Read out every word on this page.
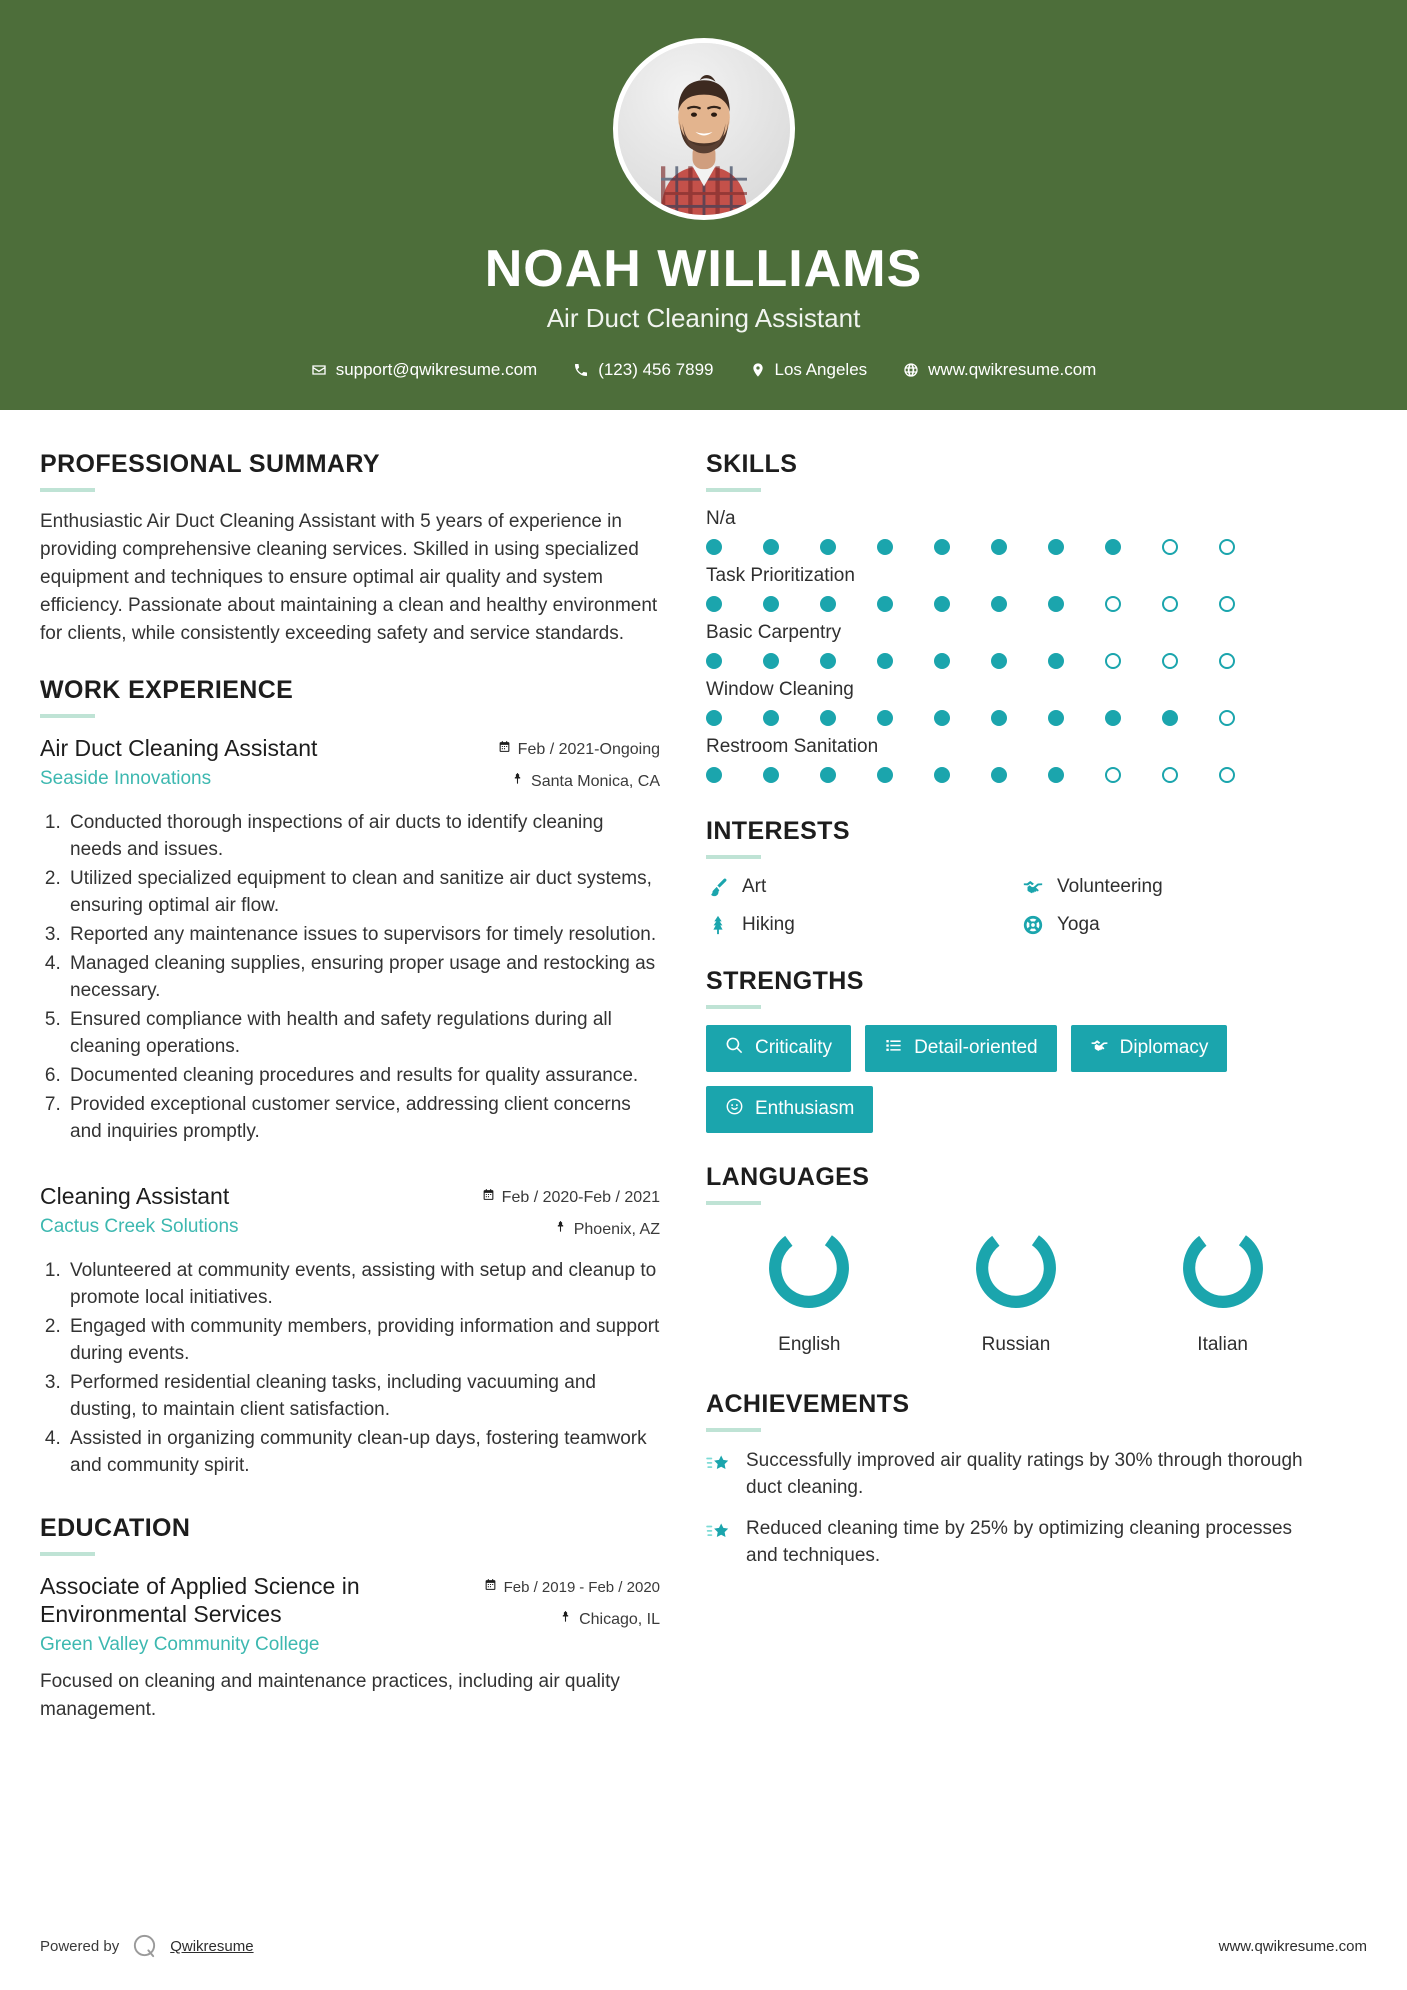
NOAH WILLIAMS
Air Duct Cleaning Assistant
support@qwikresume.com	(123) 456 7899	Los Angeles	www.qwikresume.com
PROFESSIONAL SUMMARY
Enthusiastic Air Duct Cleaning Assistant with 5 years of experience in providing comprehensive cleaning services. Skilled in using specialized equipment and techniques to ensure optimal air quality and system efficiency. Passionate about maintaining a clean and healthy environment for clients, while consistently exceeding safety and service standards.
WORK EXPERIENCE
Air Duct Cleaning Assistant
Seaside Innovations
Feb / 2021-Ongoing
Santa Monica, CA
1. Conducted thorough inspections of air ducts to identify cleaning needs and issues.
2. Utilized specialized equipment to clean and sanitize air duct systems, ensuring optimal air flow.
3. Reported any maintenance issues to supervisors for timely resolution.
4. Managed cleaning supplies, ensuring proper usage and restocking as necessary.
5. Ensured compliance with health and safety regulations during all cleaning operations.
6. Documented cleaning procedures and results for quality assurance.
7. Provided exceptional customer service, addressing client concerns and inquiries promptly.
Cleaning Assistant
Cactus Creek Solutions
Feb / 2020-Feb / 2021
Phoenix, AZ
1. Volunteered at community events, assisting with setup and cleanup to promote local initiatives.
2. Engaged with community members, providing information and support during events.
3. Performed residential cleaning tasks, including vacuuming and dusting, to maintain client satisfaction.
4. Assisted in organizing community clean-up days, fostering teamwork and community spirit.
EDUCATION
Associate of Applied Science in Environmental Services
Green Valley Community College
Feb / 2019 - Feb / 2020
Chicago, IL
Focused on cleaning and maintenance practices, including air quality management.
SKILLS
N/a
Task Prioritization
Basic Carpentry
Window Cleaning
Restroom Sanitation
INTERESTS
Art	Volunteering
Hiking	Yoga
STRENGTHS
Criticality	Detail-oriented	Diplomacy
Enthusiasm
LANGUAGES
English	Russian	Italian
ACHIEVEMENTS
Successfully improved air quality ratings by 30% through thorough duct cleaning.
Reduced cleaning time by 25% by optimizing cleaning processes and techniques.
Powered by	Qwikresume	www.qwikresume.com
